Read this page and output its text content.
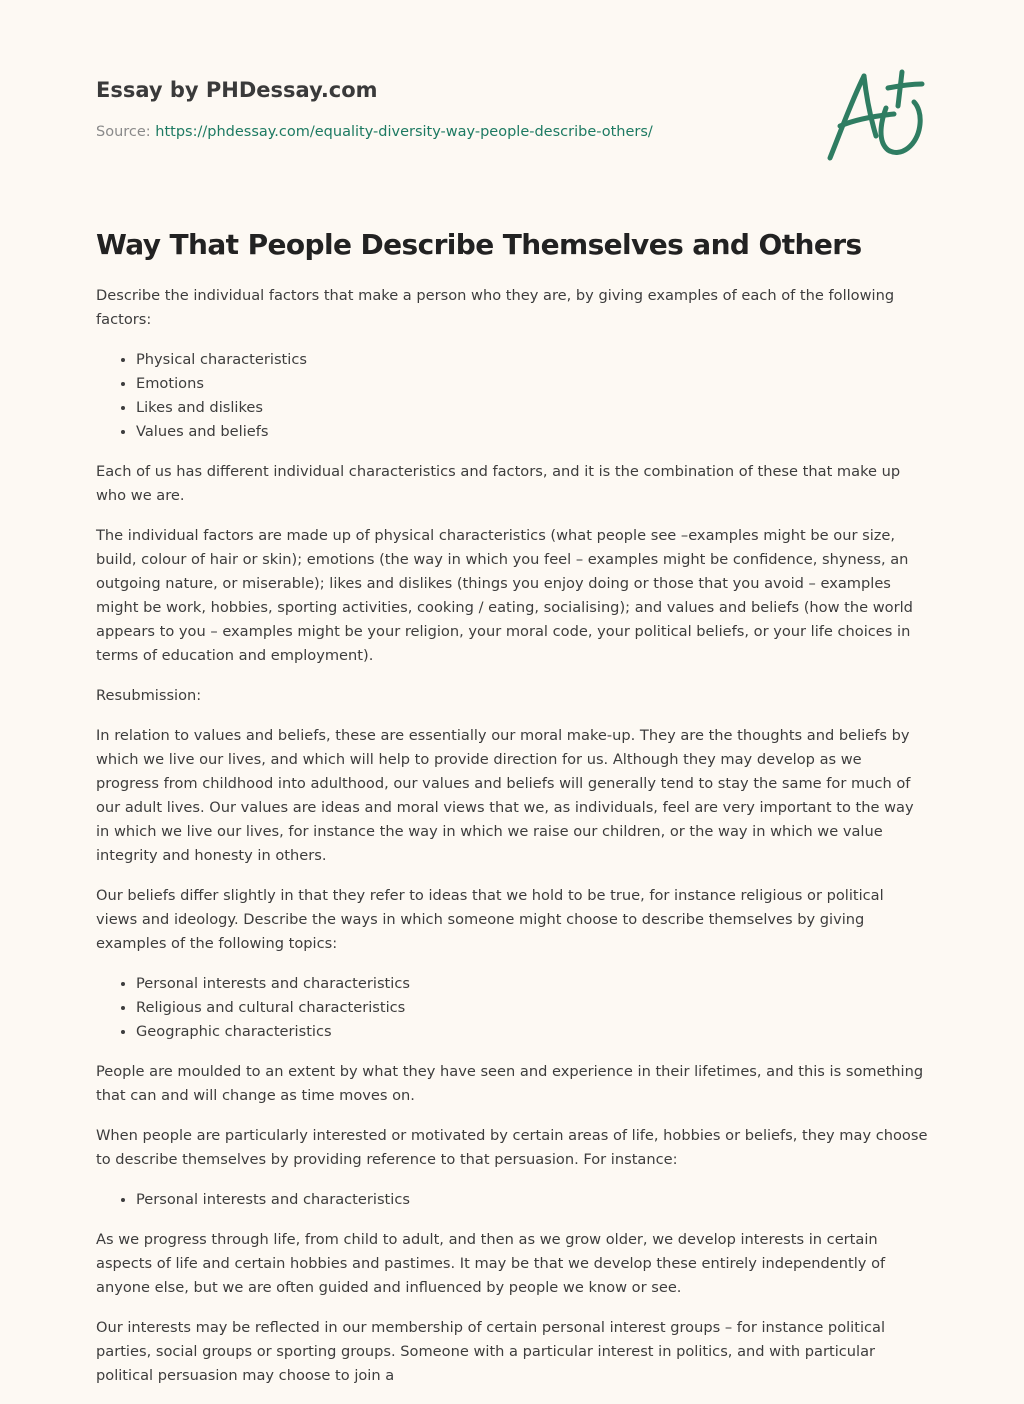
Essay by PHDessay.com
Source: https://phdessay.com/equality-diversity-way-people-describe-others/
Way That People Describe Themselves and Others

Describe the individual factors that make a person who they are, by giving examples of each of the following factors:

• Physical characteristics
• Emotions
• Likes and dislikes
• Values and beliefs

Each of us has different individual characteristics and factors, and it is the combination of these that make up who we are.

The individual factors are made up of physical characteristics (what people see –examples might be our size, build, colour of hair or skin); emotions (the way in which you feel – examples might be confidence, shyness, an outgoing nature, or miserable); likes and dislikes (things you enjoy doing or those that you avoid – examples might be work, hobbies, sporting activities, cooking / eating, socialising); and values and beliefs (how the world appears to you – examples might be your religion, your moral code, your political beliefs, or your life choices in terms of education and employment).

Resubmission:

In relation to values and beliefs, these are essentially our moral make-up. They are the thoughts and beliefs by which we live our lives, and which will help to provide direction for us. Although they may develop as we progress from childhood into adulthood, our values and beliefs will generally tend to stay the same for much of our adult lives. Our values are ideas and moral views that we, as individuals, feel are very important to the way in which we live our lives, for instance the way in which we raise our children, or the way in which we value integrity and honesty in others.

Our beliefs differ slightly in that they refer to ideas that we hold to be true, for instance religious or political views and ideology. Describe the ways in which someone might choose to describe themselves by giving examples of the following topics:

• Personal interests and characteristics
• Religious and cultural characteristics
• Geographic characteristics

People are moulded to an extent by what they have seen and experience in their lifetimes, and this is something that can and will change as time moves on.

When people are particularly interested or motivated by certain areas of life, hobbies or beliefs, they may choose to describe themselves by providing reference to that persuasion. For instance:

• Personal interests and characteristics

As we progress through life, from child to adult, and then as we grow older, we develop interests in certain aspects of life and certain hobbies and pastimes. It may be that we develop these entirely independently of anyone else, but we are often guided and influenced by people we know or see.

Our interests may be reflected in our membership of certain personal interest groups – for instance political parties, social groups or sporting groups. Someone with a particular interest in politics, and with particular political persuasion may choose to join a
